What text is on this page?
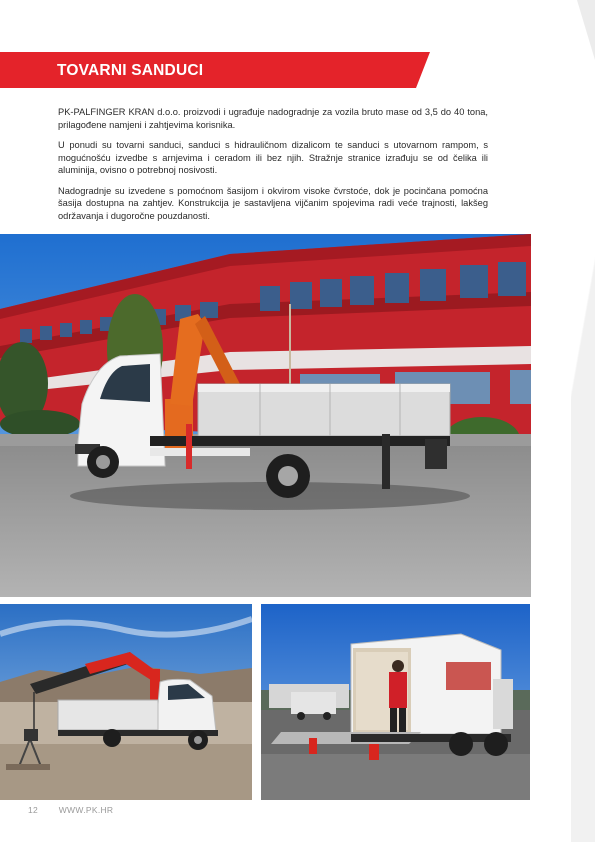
TOVARNI SANDUCI

PK-PALFINGER KRAN d.o.o. proizvodi i ugrađuje nadogradnje za vozila bruto mase od 3,5 do 40 tona, prilagođene namjeni i zahtjevima korisnika.

U ponudi su tovarni sanduci, sanduci s hidrauličnom dizalicom te sanduci s utovarnom rampom, s mogućnošću izvedbe s arnjevima i ceradom ili bez njih. Stražnje stranice izrađuju se od čelika ili aluminija, ovisno o potrebnoj nosivosti.

Nadogradnje su izvedene s pomoćnom šasijom i okvirom visoke čvrstoće, dok je pocinčana pomoćna šasija dostupna na zahtjev. Konstrukcija je sastavljena vijčanim spojevima radi veće trajnosti, lakšeg održavanja i dugoročne pouzdanosti.

12 WWW.PK.HR
